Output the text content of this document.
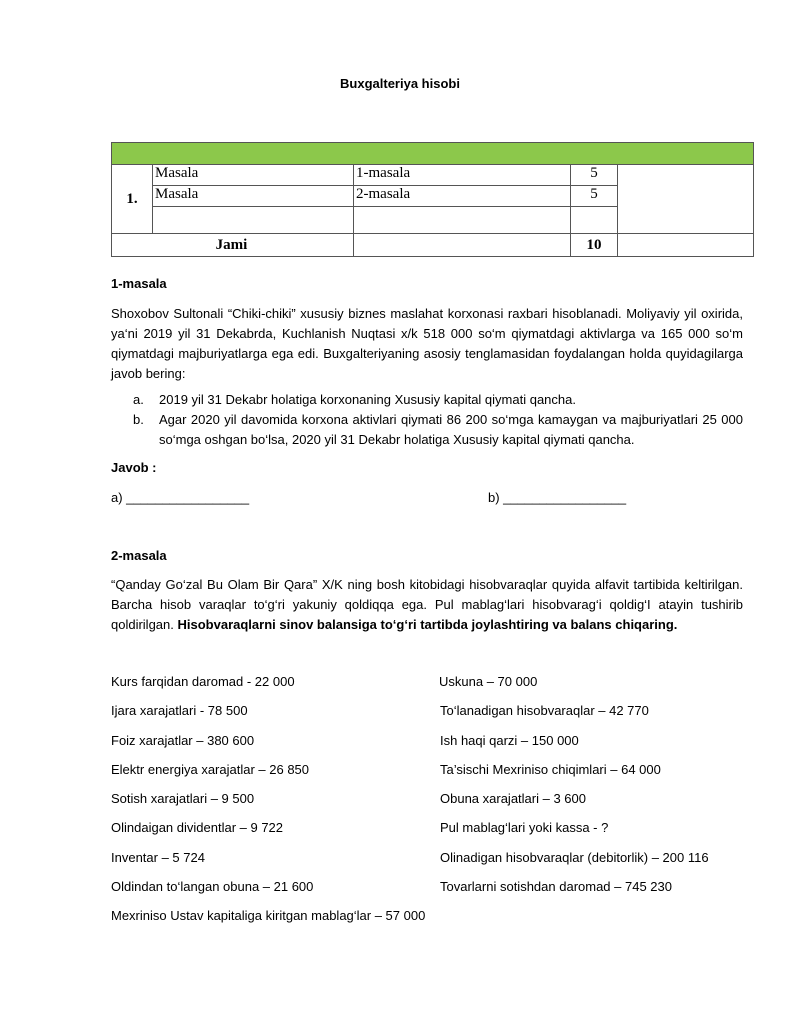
Buxgalteriya hisobi

1.	Masala	1-masala	5	
	Masala	2-masala	5	

Jami			10	
1-masala
Shoxobov Sultonali “Chiki-chiki” xususiy biznes maslahat korxonasi raxbari hisoblanadi. Moliyaviy yil oxirida, ya‘ni 2019 yil 31 Dekabrda, Kuchlanish Nuqtasi x/k 518 000 so‘m qiymatdagi aktivlarga va 165 000 so‘m qiymatdagi majburiyatlarga ega edi. Buxgalteriyaning asosiy tenglamasidan foydalangan holda quyidagilarga javob bering:
a. 2019 yil 31 Dekabr holatiga korxonaning Xususiy kapital qiymati qancha.
b. Agar 2020 yil davomida korxona aktivlari qiymati 86 200 so‘mga kamaygan va majburiyatlari 25 000 so‘mga oshgan bo‘lsa, 2020 yil 31 Dekabr holatiga Xususiy kapital qiymati qancha.
Javob :
a) _________________	b) _________________
2-masala
“Qanday Go‘zal Bu Olam Bir Qara” X/K ning bosh kitobidagi hisobvaraqlar quyida alfavit tartibida keltirilgan. Barcha hisob varaqlar to‘g‘ri yakuniy qoldiqqa ega. Pul mablag‘lari hisobvarag‘i qoldig‘I atayin tushirib qoldirilgan. Hisobvaraqlarni sinov balansiga to‘g‘ri tartibda joylashtiring va balans chiqaring.
Kurs farqidan daromad - 22 000	Uskuna – 70 000
Ijara xarajatlari - 78 500	To‘lanadigan hisobvaraqlar – 42 770
Foiz xarajatlar – 380 600	Ish haqi qarzi – 150 000
Elektr energiya xarajatlar – 26 850	Ta’sischi Mexriniso chiqimlari – 64 000
Sotish xarajatlari – 9 500	Obuna xarajatlari – 3 600
Olindaigan dividentlar – 9 722	Pul mablag‘lari yoki kassa - ?
Inventar – 5 724	Olinadigan hisobvaraqlar (debitorlik) – 200 116
Oldindan to‘langan obuna – 21 600	Tovarlarni sotishdan daromad – 745 230
Mexriniso Ustav kapitaliga kiritgan mablag‘lar – 57 000
